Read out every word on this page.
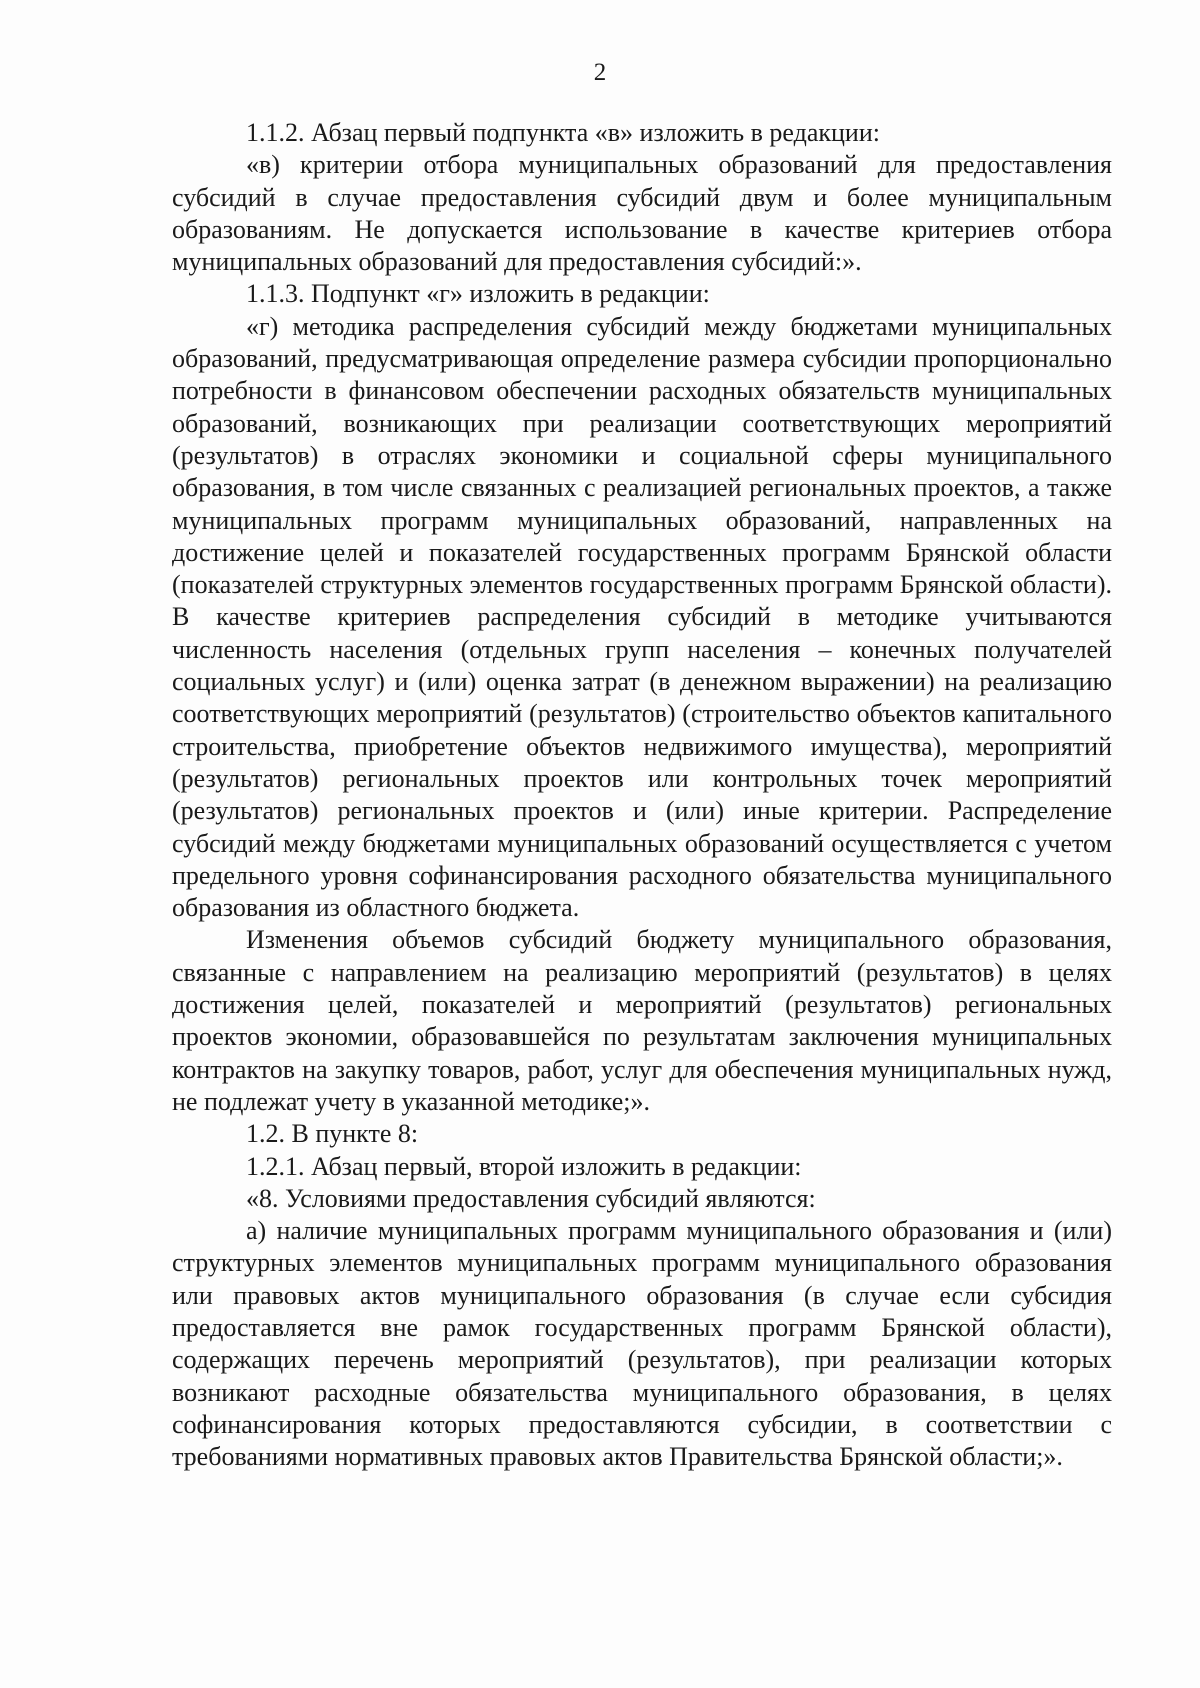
2

1.1.2. Абзац первый подпункта «в» изложить в редакции:

«в) критерии отбора муниципальных образований для предоставления субсидий в случае предоставления субсидий двум и более муниципальным образованиям. Не допускается использование в качестве критериев отбора муниципальных образований для предоставления субсидий:».

1.1.3. Подпункт «г» изложить в редакции:

«г) методика распределения субсидий между бюджетами муниципальных образований, предусматривающая определение размера субсидии пропорционально потребности в финансовом обеспечении расходных обязательств муниципальных образований, возникающих при реализации соответствующих мероприятий (результатов) в отраслях экономики и социальной сферы муниципального образования, в том числе связанных с реализацией региональных проектов, а также муниципальных программ муниципальных образований, направленных на достижение целей и показателей государственных программ Брянской области (показателей структурных элементов государственных программ Брянской области). В качестве критериев распределения субсидий в методике учитываются численность населения (отдельных групп населения – конечных получателей социальных услуг) и (или) оценка затрат (в денежном выражении) на реализацию соответствующих мероприятий (результатов) (строительство объектов капитального строительства, приобретение объектов недвижимого имущества), мероприятий (результатов) региональных проектов или контрольных точек мероприятий (результатов) региональных проектов и (или) иные критерии. Распределение субсидий между бюджетами муниципальных образований осуществляется с учетом предельного уровня софинансирования расходного обязательства муниципального образования из областного бюджета.

Изменения объемов субсидий бюджету муниципального образования, связанные с направлением на реализацию мероприятий (результатов) в целях достижения целей, показателей и мероприятий (результатов) региональных проектов экономии, образовавшейся по результатам заключения муниципальных контрактов на закупку товаров, работ, услуг для обеспечения муниципальных нужд, не подлежат учету в указанной методике;».

1.2. В пункте 8:

1.2.1. Абзац первый, второй изложить в редакции:

«8. Условиями предоставления субсидий являются:

а) наличие муниципальных программ муниципального образования и (или) структурных элементов муниципальных программ муниципального образования или правовых актов муниципального образования (в случае если субсидия предоставляется вне рамок государственных программ Брянской области), содержащих перечень мероприятий (результатов), при реализации которых возникают расходные обязательства муниципального образования, в целях софинансирования которых предоставляются субсидии, в соответствии с требованиями нормативных правовых актов Правительства Брянской области;».
